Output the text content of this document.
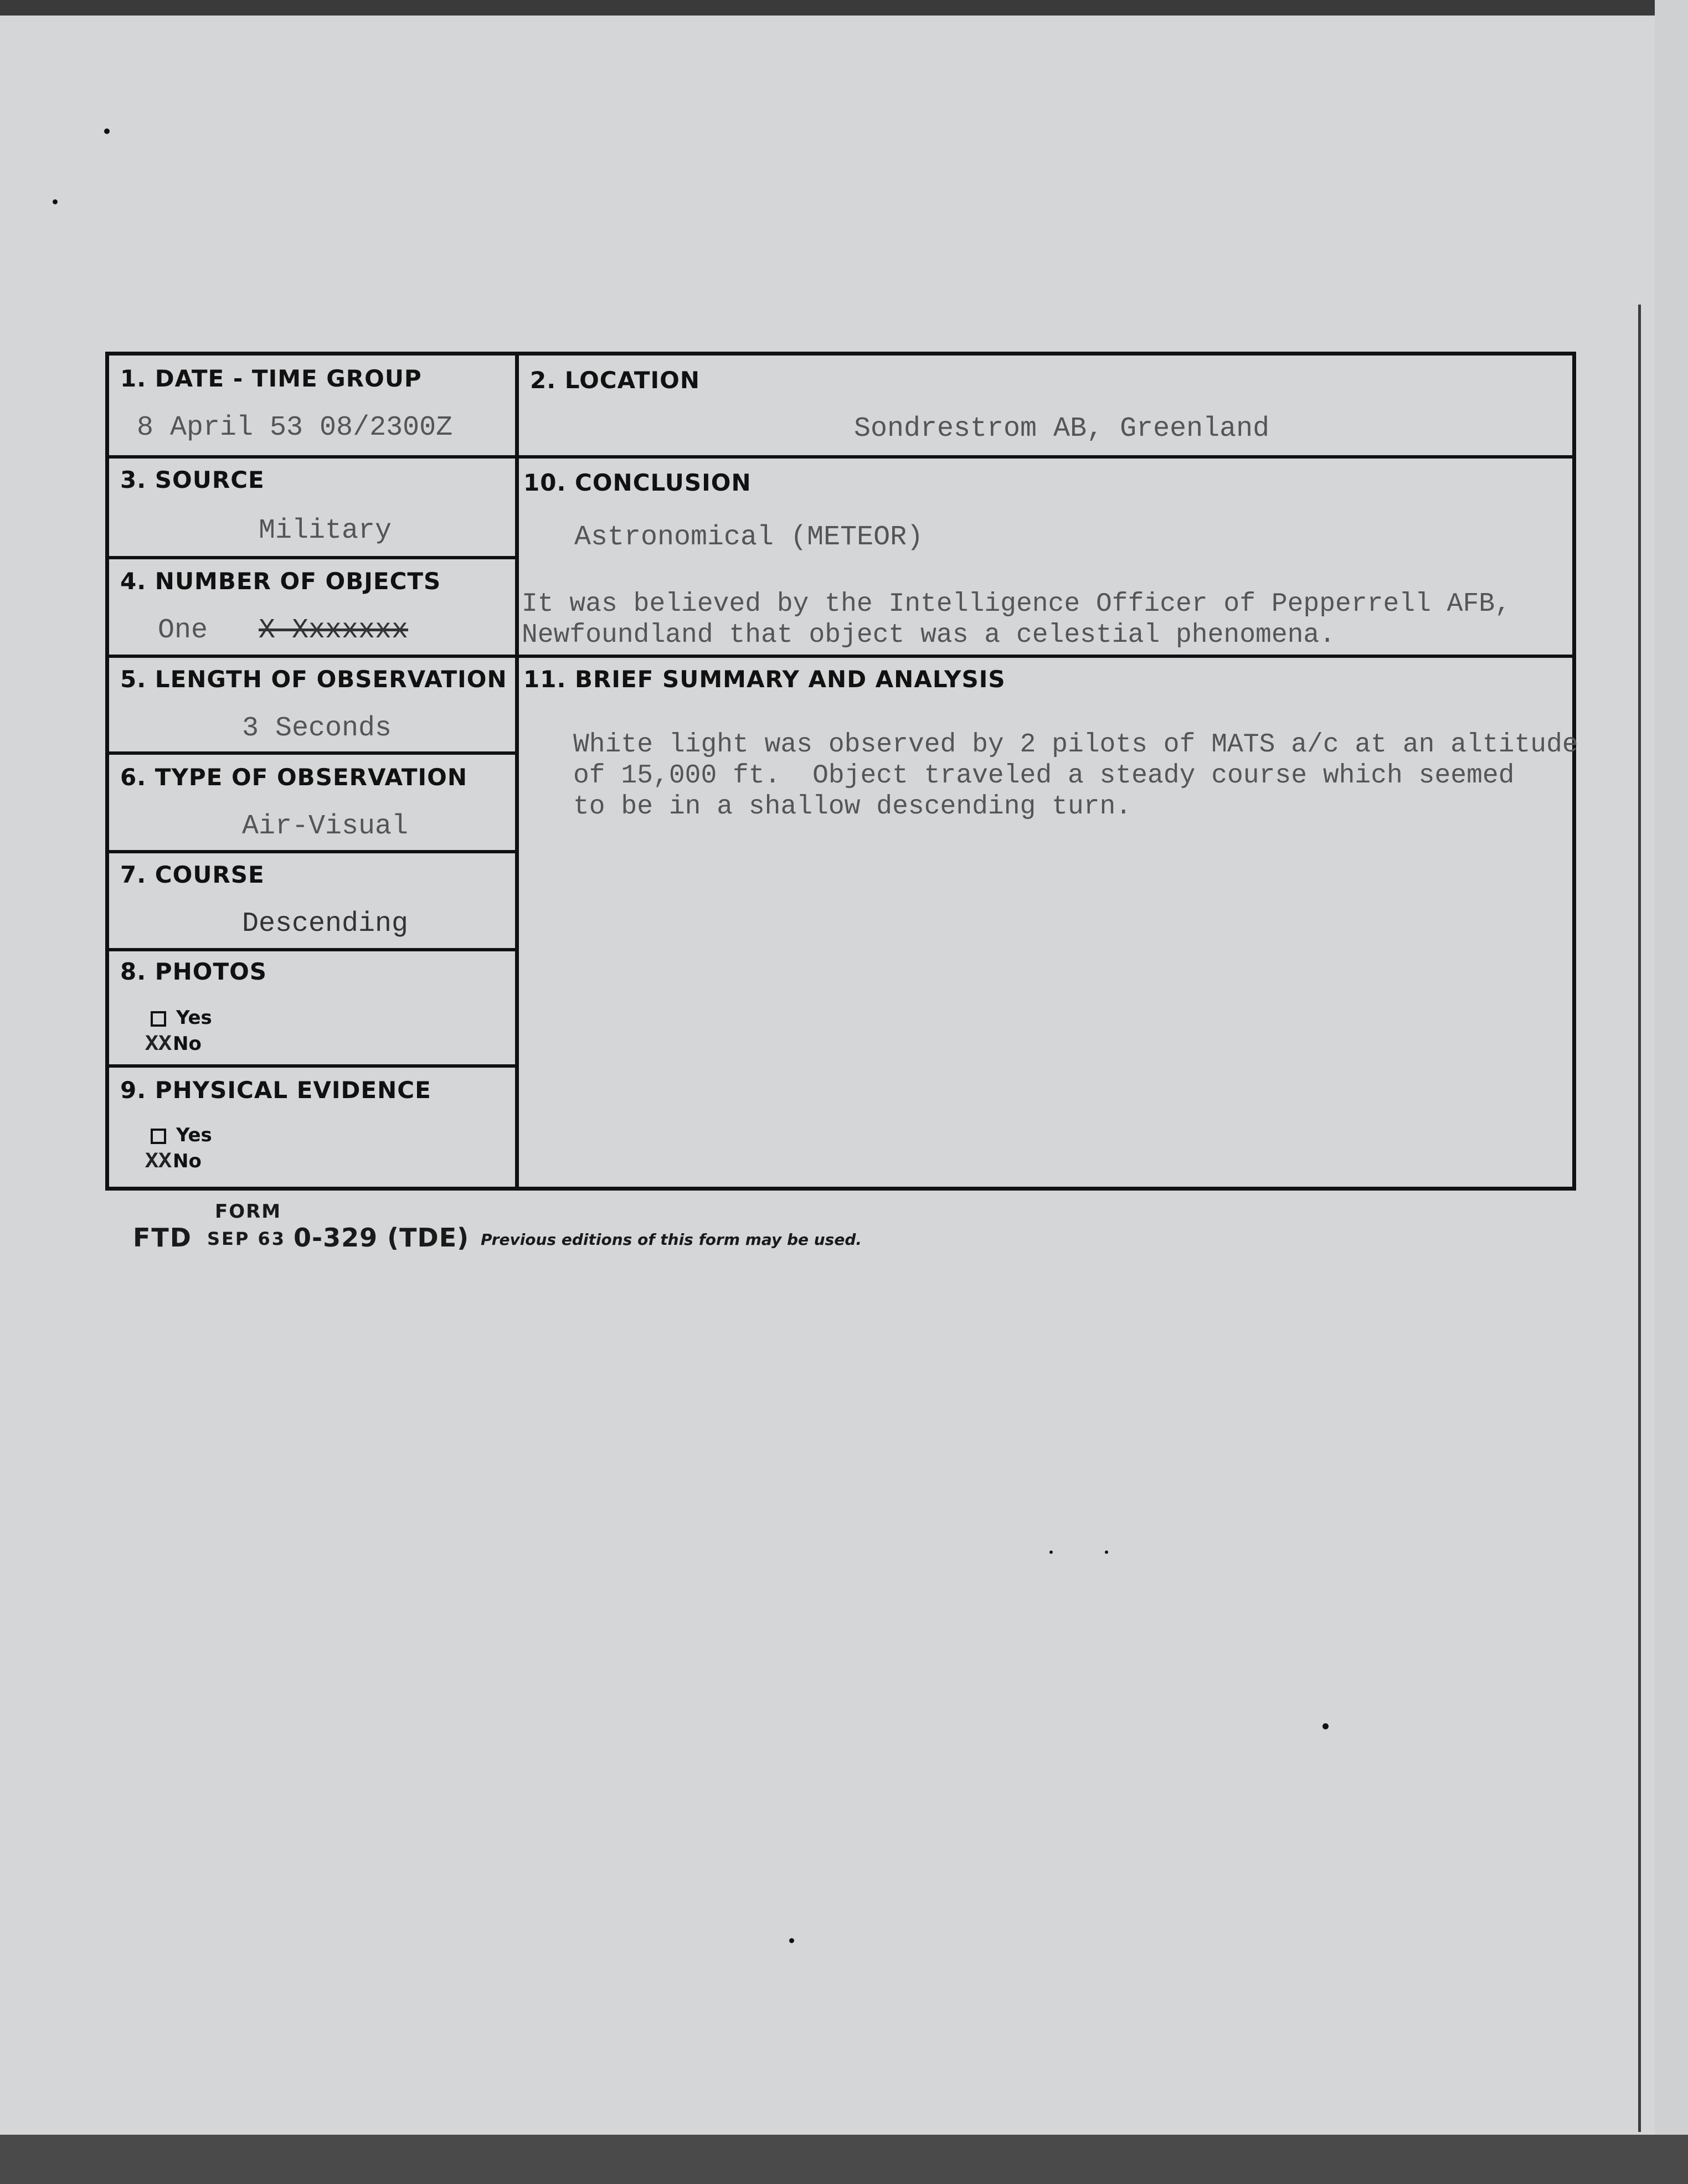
1. DATE - TIME GROUP
8 April 53 08/2300Z
2. LOCATION
Sondrestrom AB, Greenland
3. SOURCE
Military
4. NUMBER OF OBJECTS
One X Xxxxxxx
5. LENGTH OF OBSERVATION
3 Seconds
6. TYPE OF OBSERVATION
Air-Visual
7. COURSE
Descending
8. PHOTOS
Yes
XXNo
9. PHYSICAL EVIDENCE
Yes
XXNo
10. CONCLUSION
Astronomical (METEOR)
It was believed by the Intelligence Officer of Pepperrell AFB,
Newfoundland that object was a celestial phenomena.
11. BRIEF SUMMARY AND ANALYSIS
White light was observed by 2 pilots of MATS a/c at an altitude
of 15,000 ft.  Object traveled a steady course which seemed
to be in a shallow descending turn.
FORM
FTD SEP 63 0-329 (TDE) Previous editions of this form may be used.
